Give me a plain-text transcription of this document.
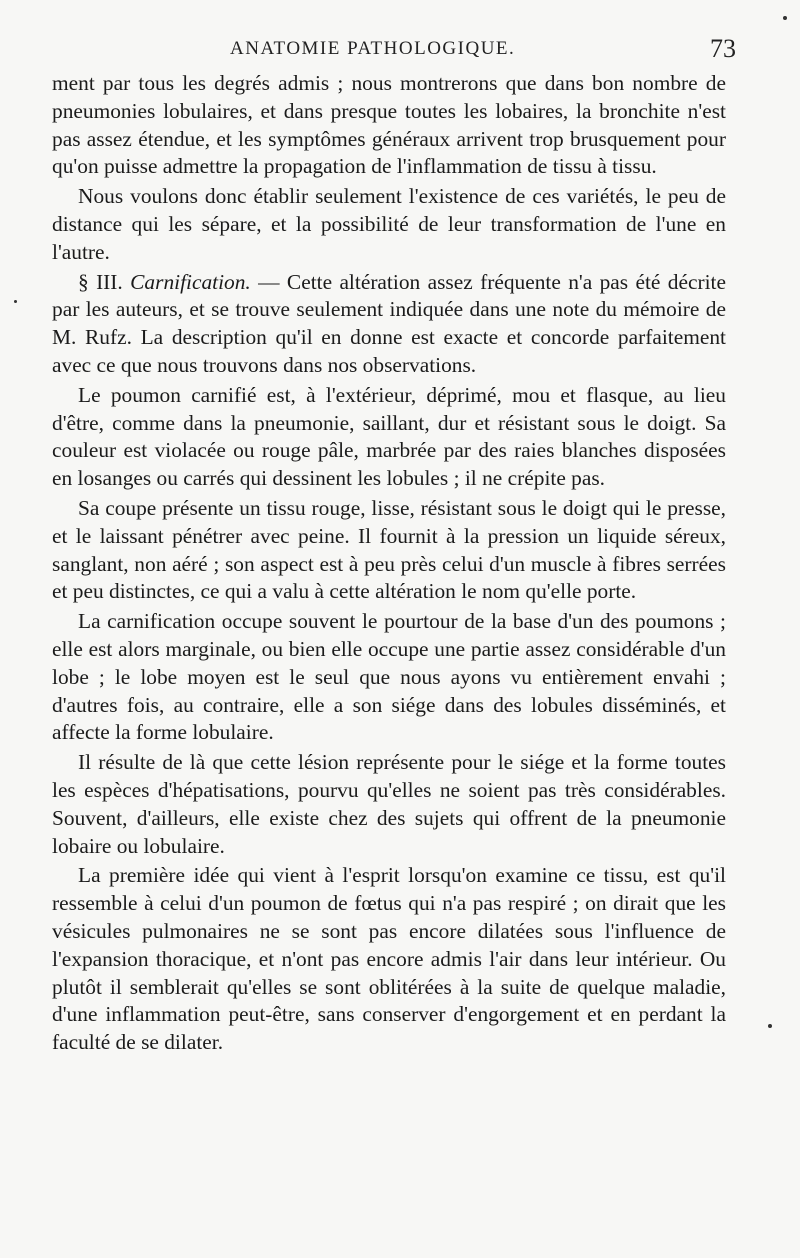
ANATOMIE PATHOLOGIQUE.	73

ment par tous les degrés admis ; nous montrerons que dans bon nombre de pneumonies lobulaires, et dans presque toutes les lobaires, la bronchite n'est pas assez étendue, et les symptômes généraux arrivent trop brusquement pour qu'on puisse admettre la propagation de l'inflammation de tissu à tissu.

Nous voulons donc établir seulement l'existence de ces variétés, le peu de distance qui les sépare, et la possibilité de leur transformation de l'une en l'autre.

§ III. Carnification. — Cette altération assez fréquente n'a pas été décrite par les auteurs, et se trouve seulement indiquée dans une note du mémoire de M. Rufz. La description qu'il en donne est exacte et concorde parfaitement avec ce que nous trouvons dans nos observations.

Le poumon carnifié est, à l'extérieur, déprimé, mou et flasque, au lieu d'être, comme dans la pneumonie, saillant, dur et résistant sous le doigt. Sa couleur est violacée ou rouge pâle, marbrée par des raies blanches disposées en losanges ou carrés qui dessinent les lobules ; il ne crépite pas.

Sa coupe présente un tissu rouge, lisse, résistant sous le doigt qui le presse, et le laissant pénétrer avec peine. Il fournit à la pression un liquide séreux, sanglant, non aéré ; son aspect est à peu près celui d'un muscle à fibres serrées et peu distinctes, ce qui a valu à cette altération le nom qu'elle porte.

La carnification occupe souvent le pourtour de la base d'un des poumons ; elle est alors marginale, ou bien elle occupe une partie assez considérable d'un lobe ; le lobe moyen est le seul que nous ayons vu entièrement envahi ; d'autres fois, au contraire, elle a son siége dans des lobules disséminés, et affecte la forme lobulaire.

Il résulte de là que cette lésion représente pour le siége et la forme toutes les espèces d'hépatisations, pourvu qu'elles ne soient pas très considérables. Souvent, d'ailleurs, elle existe chez des sujets qui offrent de la pneumonie lobaire ou lobulaire.

La première idée qui vient à l'esprit lorsqu'on examine ce tissu, est qu'il ressemble à celui d'un poumon de fœtus qui n'a pas respiré ; on dirait que les vésicules pulmonaires ne se sont pas encore dilatées sous l'influence de l'expansion thoracique, et n'ont pas encore admis l'air dans leur intérieur. Ou plutôt il semblerait qu'elles se sont oblitérées à la suite de quelque maladie, d'une inflammation peut-être, sans conserver d'engorgement et en perdant la faculté de se dilater.
